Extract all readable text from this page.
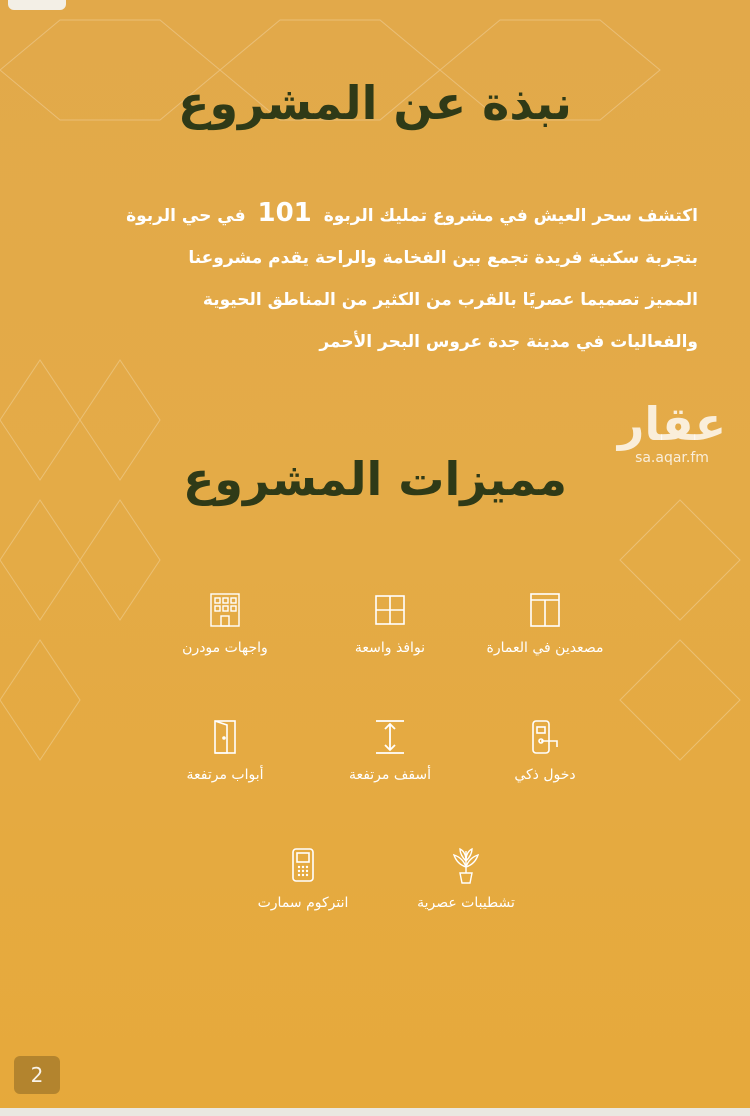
نبذة عن المشروع
اكتشف سحر العيش في مشروع تمليك الربوة 101 في حي الربوة
بتجربة سكنية فريدة تجمع بين الفخامة والراحة يقدم مشروعنا
المميز تصميما عصريًا بالقرب من الكثير من المناطق الحيوية
والفعاليات في مدينة جدة عروس البحر الأحمر
عقار
sa.aqar.fm
مميزات المشروع
مصعدين في العمارة
نوافذ واسعة
واجهات مودرن
دخول ذكي
أسقف مرتفعة
أبواب مرتفعة
تشطيبات عصرية
انتركوم سمارت
2
